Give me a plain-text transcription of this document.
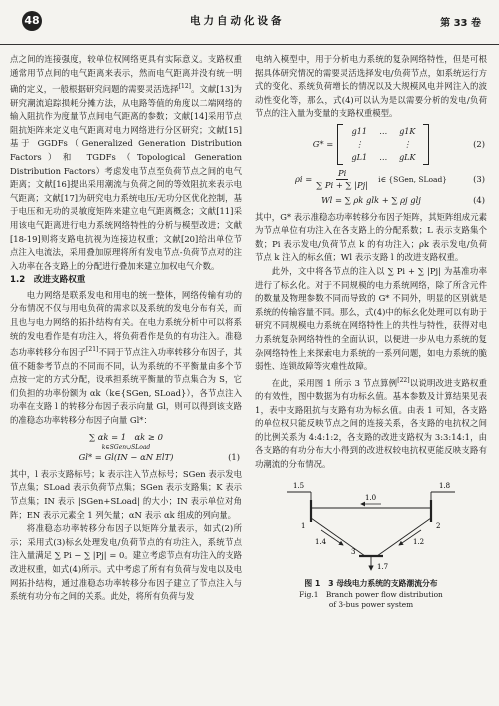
48	电力自动化设备	第 33 卷

点之间的连接强度，较单位权网络更具有实际意义。支路权重通常用节点间的电气距离来表示，然而电气距离并没有统一明确的定义，一般根据研究问题的需要灵活选择[12]。文献[13]为研究潮流追踪损耗分摊方法，从电路等值的角度以二端网络的输入阻抗作为度量节点间电气距离的参数；文献[14]采用节点阻抗矩阵来定义电气距离对电力网络进行分区研究；文献[15]基于 GGDFs（Generalized Generation Distribution Factors）和 TGDFs（Topological Generation Distribution Factors）考虑发电节点至负荷节点之间的电气距离；文献[16]提出采用潮流与负荷之间的等效阻抗来表示电气距离；文献[17]为研究电力系统电压/无功分区优化控制，基于电压和无功的灵敏度矩阵来建立电气距离概念；文献[11]采用该电气距离进行电力系统网络特性的分析与模型改进；文献[18-19]则将支路电抗视为连接边权重；文献[20]给出单位节点注入电流法，采用叠加原理将所有发电节点-负荷节点对的注入功率在各支路上的分配进行叠加来建立加权电气介数。

1.2　改进支路权重

电力网络是联系发电和用电的统一整体，网络传输有功的分布情况不仅与用电负荷的需求以及系统的发电分布有关，而且也与电力网络的拓扑结构有关。在电力系统分析中可以将系统的发电看作是有功注入，将负荷看作是负的有功注入。准稳态功率转移分布因子[21]不同于节点注入功率转移分布因子，其值不随参考节点的不同而不同，认为系统的不平衡量由多个节点按一定的方式分配，设承担系统平衡量的节点集合为 S，它们负担的功率份额为 αk（k∈{SGen, SLoad}），各节点注入功率在支路 l 的转移分布因子表示向量 Gl，则可以得到该支路的准稳态功率转移分布因子向量 Gl*：

∑ αk = 1　αk ≥ 0
k∈SGen∪SLoad
Gl* = Gl(IN − αN ElT)	(1)

其中，l 表示支路标号；k 表示注入节点标号；SGen 表示发电节点集；SLoad 表示负荷节点集；SGen 表示支路集；K 表示节点集；IN 表示 |SGen+SLoad| 的大小；IN 表示单位对角阵；EN 表示元素全 1 列矢量；αN 表示 αk 组成的列向量。

将准稳态功率转移分布因子以矩阵分量表示，如式(2)所示；采用式(3)标幺处理发电/负荷节点的有功注入，系统节点注入量满足 ∑ Pi − ∑ |Pj| = 0。建立考虑节点有功注入的支路改进权重，如式(4)所示。式中考虑了所有有负荷与发电以及电网拓扑结构，通过准稳态功率转移分布因子建立了节点注入与系统有功分布之间的关系。此处，将所有负荷与发

电纳入模型中，用于分析电力系统的复杂网络特性，但是可根据具体研究情况的需要灵活选择发电/负荷节点，如系统运行方式的变化、系统负荷增长的情况以及大规模风电并网注入的波动性变化等，那么，式(4)可以认为是以需要分析的发电/负荷节点的注入量为变量的支路权重模型。

G* =
g11	…	g1K
⋮	⋮
gL1	…	gLK
(2)
$\rho i = \frac{Pi}{\sum Pi + \sum |Pj|}$ i∈ {SGen, SLoad}	(3)
Wl = ∑ ρk glk + ∑ ρj glj	(4)

其中，G* 表示准稳态功率转移分布因子矩阵，其矩阵组成元素为节点单位有功注入在各支路上的分配系数；L 表示支路集个数；Pi 表示发电/负荷节点 k 的有功注入；ρk 表示发电/负荷节点 k 注入的标幺值；Wl 表示支路 l 的改进支路权重。

此外，文中将各节点的注入以 ∑ Pi + ∑ |Pj| 为基准功率进行了标幺化。对于不同规模的电力系统网络，除了所含元件的数量及物理参数不同而导致的 G* 不同外，明显的区别就是系统的传输容量不同。那么，式(4)中的标幺化处理可以有助于研究不同规模电力系统在网络特性上的共性与特性，获得对电力系统复杂网络特性的全面认识，以便进一步从电力系统的复杂网络特性上来探索电力系统的一系列问题，如电力系统的脆弱性、连锁故障等灾难性故障。

在此，采用图 1 所示 3 节点算例[22]以说明改进支路权重的有效性，图中数据为有功标幺值。基本参数及计算结果见表 1，表中支路阻抗与支路有功为标幺值。由表 1 可知，各支路的单位权只能反映节点之间的连接关系，各支路的电抗权之间的比例关系为 4:4:1:2，各支路的改进支路权为 3:3:14:1，由各支路的有功分布大小得到的改进权较电抗权更能反映支路有功潮流的分布情况。

1.5	1.8
1.0
1.4	1.2
1.7
1	2
3
图 1　3 母线电力系统的支路潮流分布
Fig.1　Branch power flow distribution
of 3-bus power system
